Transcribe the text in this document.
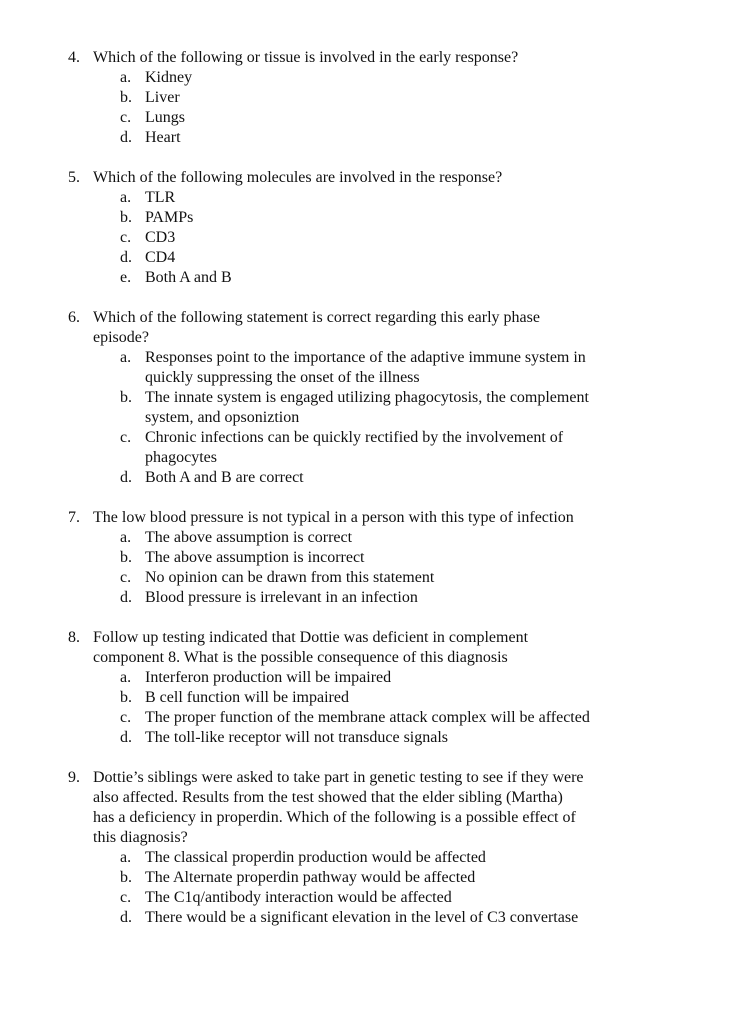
4. Which of the following or tissue is involved in the early response?
a. Kidney
b. Liver
c. Lungs
d. Heart
5. Which of the following molecules are involved in the response?
a. TLR
b. PAMPs
c. CD3
d. CD4
e. Both A and B
6. Which of the following statement is correct regarding this early phase
episode?
a. Responses point to the importance of the adaptive immune system in
quickly suppressing the onset of the illness
b. The innate system is engaged utilizing phagocytosis, the complement
system, and opsoniztion
c. Chronic infections can be quickly rectified by the involvement of
phagocytes
d. Both A and B are correct
7. The low blood pressure is not typical in a person with this type of infection
a. The above assumption is correct
b. The above assumption is incorrect
c. No opinion can be drawn from this statement
d. Blood pressure is irrelevant in an infection
8. Follow up testing indicated that Dottie was deficient in complement
component 8. What is the possible consequence of this diagnosis
a. Interferon production will be impaired
b. B cell function will be impaired
c. The proper function of the membrane attack complex will be affected
d. The toll-like receptor will not transduce signals
9. Dottie’s siblings were asked to take part in genetic testing to see if they were
also affected. Results from the test showed that the elder sibling (Martha)
has a deficiency in properdin. Which of the following is a possible effect of
this diagnosis?
a. The classical properdin production would be affected
b. The Alternate properdin pathway would be affected
c. The C1q/antibody interaction would be affected
d. There would be a significant elevation in the level of C3 convertase
